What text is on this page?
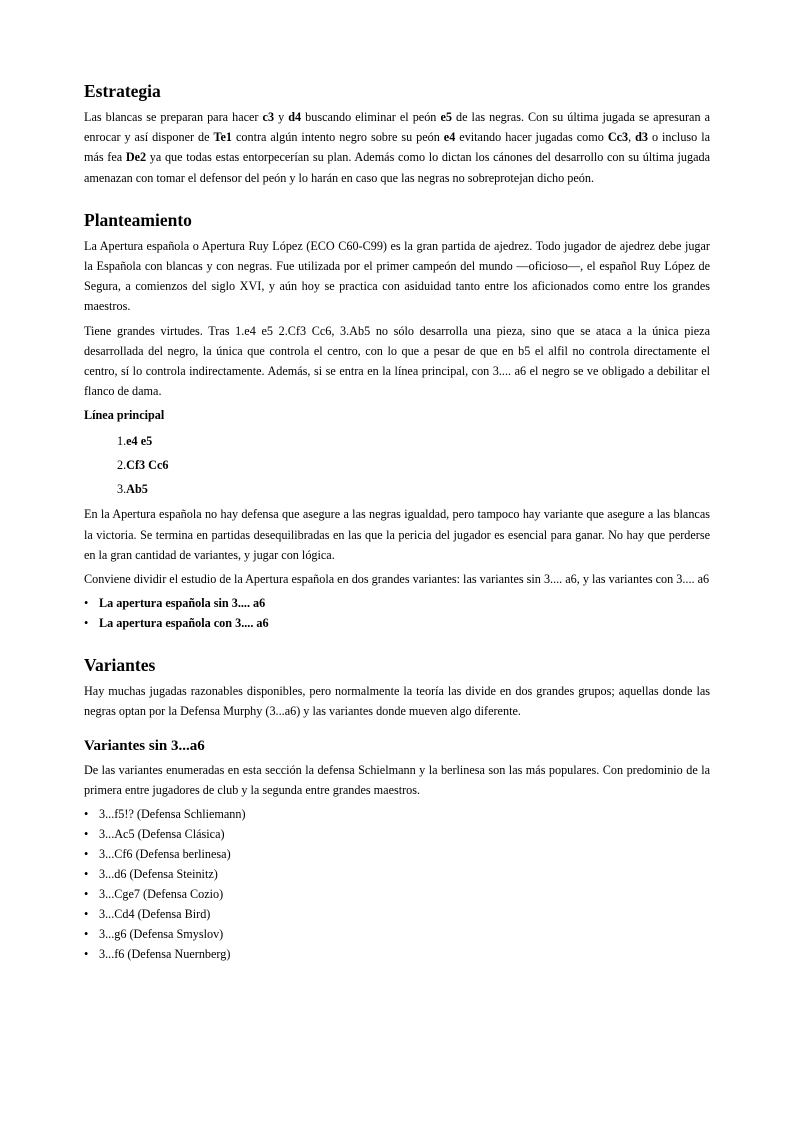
Estrategia

Las blancas se preparan para hacer c3 y d4 buscando eliminar el peón e5 de las negras. Con su última jugada se apresuran a enrocar y así disponer de Te1 contra algún intento negro sobre su peón e4 evitando hacer jugadas como Cc3, d3 o incluso la más fea De2 ya que todas estas entorpecerían su plan. Además como lo dictan los cánones del desarrollo con su última jugada amenazan con tomar el defensor del peón y lo harán en caso que las negras no sobreprotejan dicho peón.

Planteamiento

La Apertura española o Apertura Ruy López (ECO C60-C99) es la gran partida de ajedrez. Todo jugador de ajedrez debe jugar la Española con blancas y con negras. Fue utilizada por el primer campeón del mundo —oficioso—, el español Ruy López de Segura, a comienzos del siglo XVI, y aún hoy se practica con asiduidad tanto entre los aficionados como entre los grandes maestros.

Tiene grandes virtudes. Tras 1.e4 e5 2.Cf3 Cc6, 3.Ab5 no sólo desarrolla una pieza, sino que se ataca a la única pieza desarrollada del negro, la única que controla el centro, con lo que a pesar de que en b5 el alfil no controla directamente el centro, sí lo controla indirectamente. Además, si se entra en la línea principal, con 3.... a6 el negro se ve obligado a debilitar el flanco de dama.

Línea principal
1.e4 e5
2.Cf3 Cc6
3.Ab5

En la Apertura española no hay defensa que asegure a las negras igualdad, pero tampoco hay variante que asegure a las blancas la victoria. Se termina en partidas desequilibradas en las que la pericia del jugador es esencial para ganar. No hay que perderse en la gran cantidad de variantes, y jugar con lógica.

Conviene dividir el estudio de la Apertura española en dos grandes variantes: las variantes sin 3.... a6, y las variantes con 3.... a6

• La apertura española sin 3.... a6
• La apertura española con 3.... a6
Variantes

Hay muchas jugadas razonables disponibles, pero normalmente la teoría las divide en dos grandes grupos; aquellas donde las negras optan por la Defensa Murphy (3...a6) y las variantes donde mueven algo diferente.

Variantes sin 3...a6

De las variantes enumeradas en esta sección la defensa Schielmann y la berlinesa son las más populares. Con predominio de la primera entre jugadores de club y la segunda entre grandes maestros.

• 3...f5!? (Defensa Schliemann)
• 3...Ac5 (Defensa Clásica)
• 3...Cf6 (Defensa berlinesa)
• 3...d6 (Defensa Steinitz)
• 3...Cge7 (Defensa Cozio)
• 3...Cd4 (Defensa Bird)
• 3...g6 (Defensa Smyslov)
• 3...f6 (Defensa Nuernberg)
